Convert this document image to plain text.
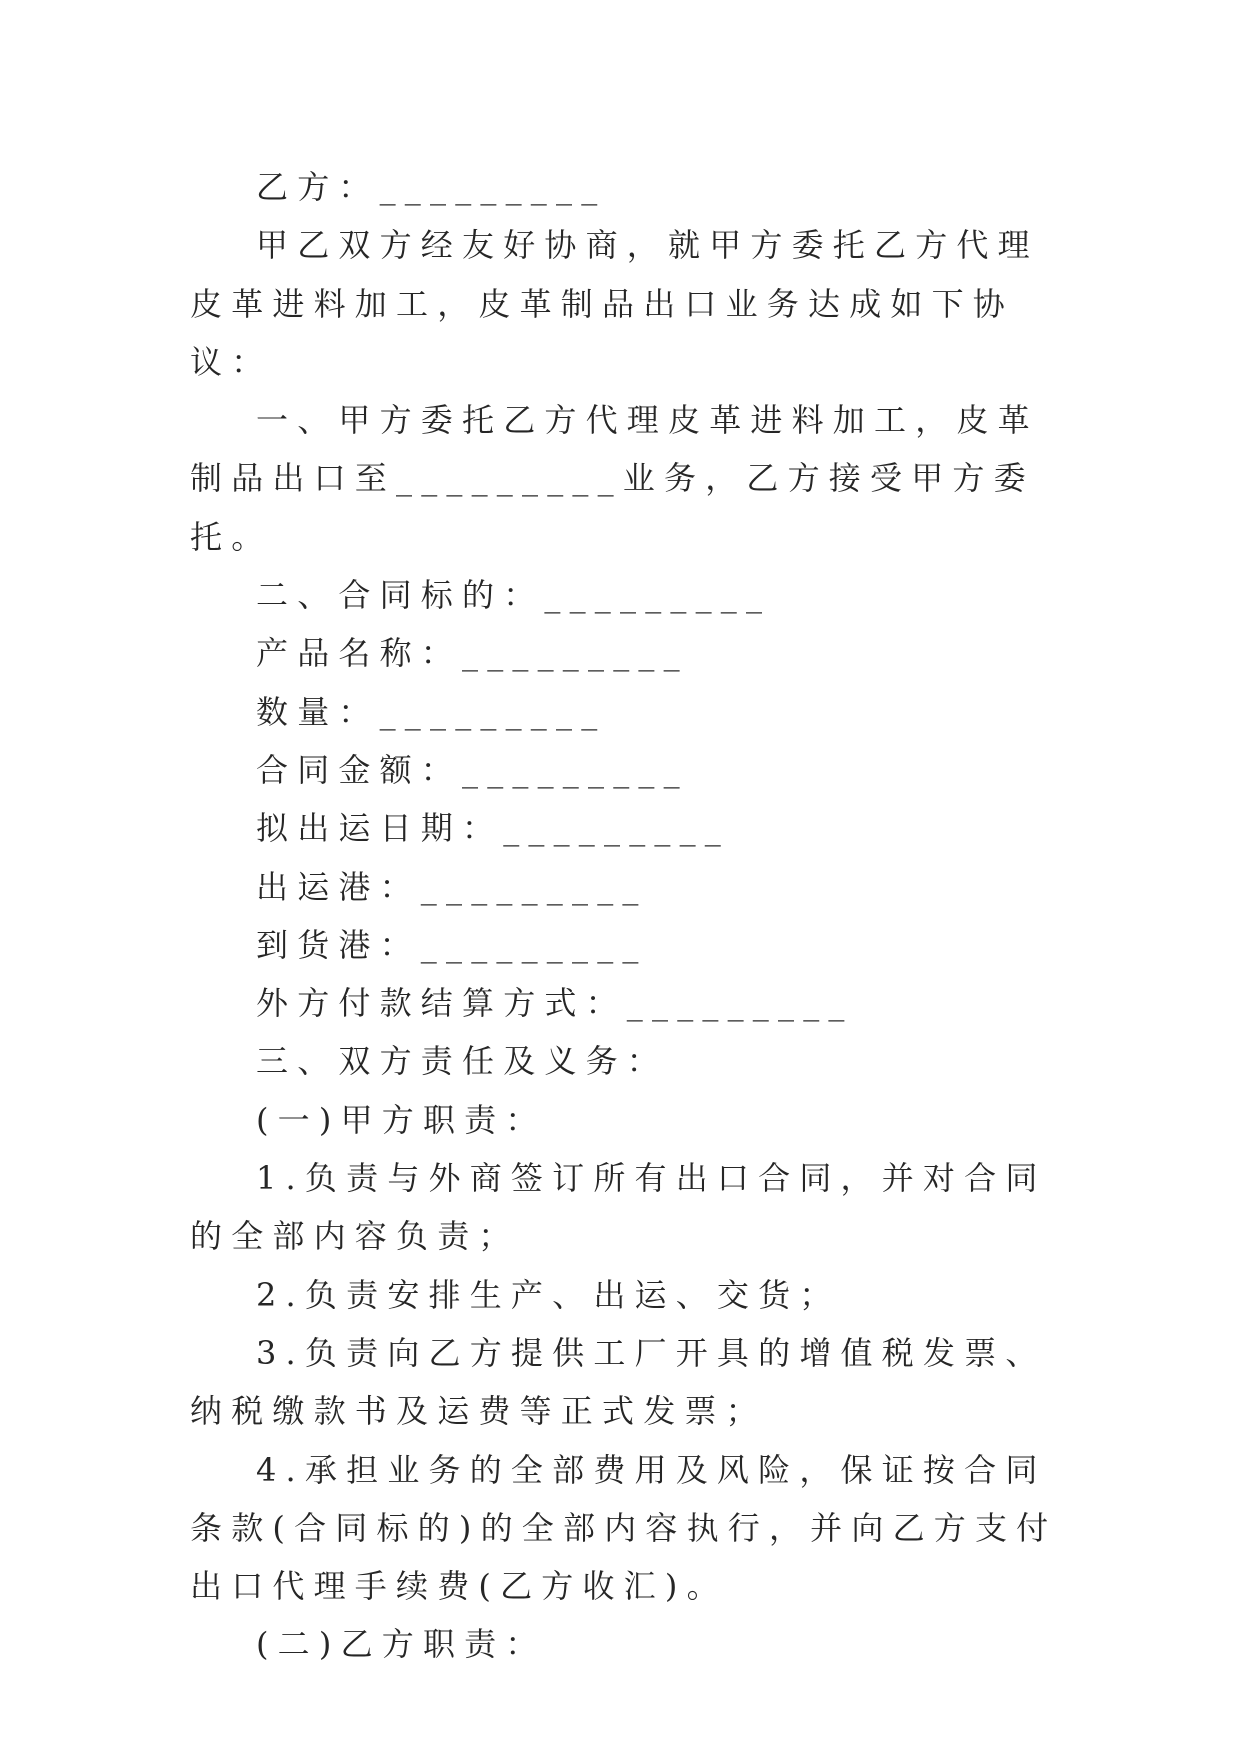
乙方：_________

甲乙双方经友好协商，就甲方委托乙方代理皮革进料加工，皮革制品出口业务达成如下协议：

一、甲方委托乙方代理皮革进料加工，皮革制品出口至_________业务，乙方接受甲方委托。

二、合同标的：_________

产品名称：_________

数量：_________

合同金额：_________

拟出运日期：_________

出运港：_________

到货港：_________

外方付款结算方式：_________

三、双方责任及义务：

(一)甲方职责：

1.负责与外商签订所有出口合同，并对合同的全部内容负责；

2.负责安排生产、出运、交货；

3.负责向乙方提供工厂开具的增值税发票、纳税缴款书及运费等正式发票；

4.承担业务的全部费用及风险，保证按合同条款(合同标的)的全部内容执行，并向乙方支付出口代理手续费(乙方收汇)。

(二)乙方职责：
